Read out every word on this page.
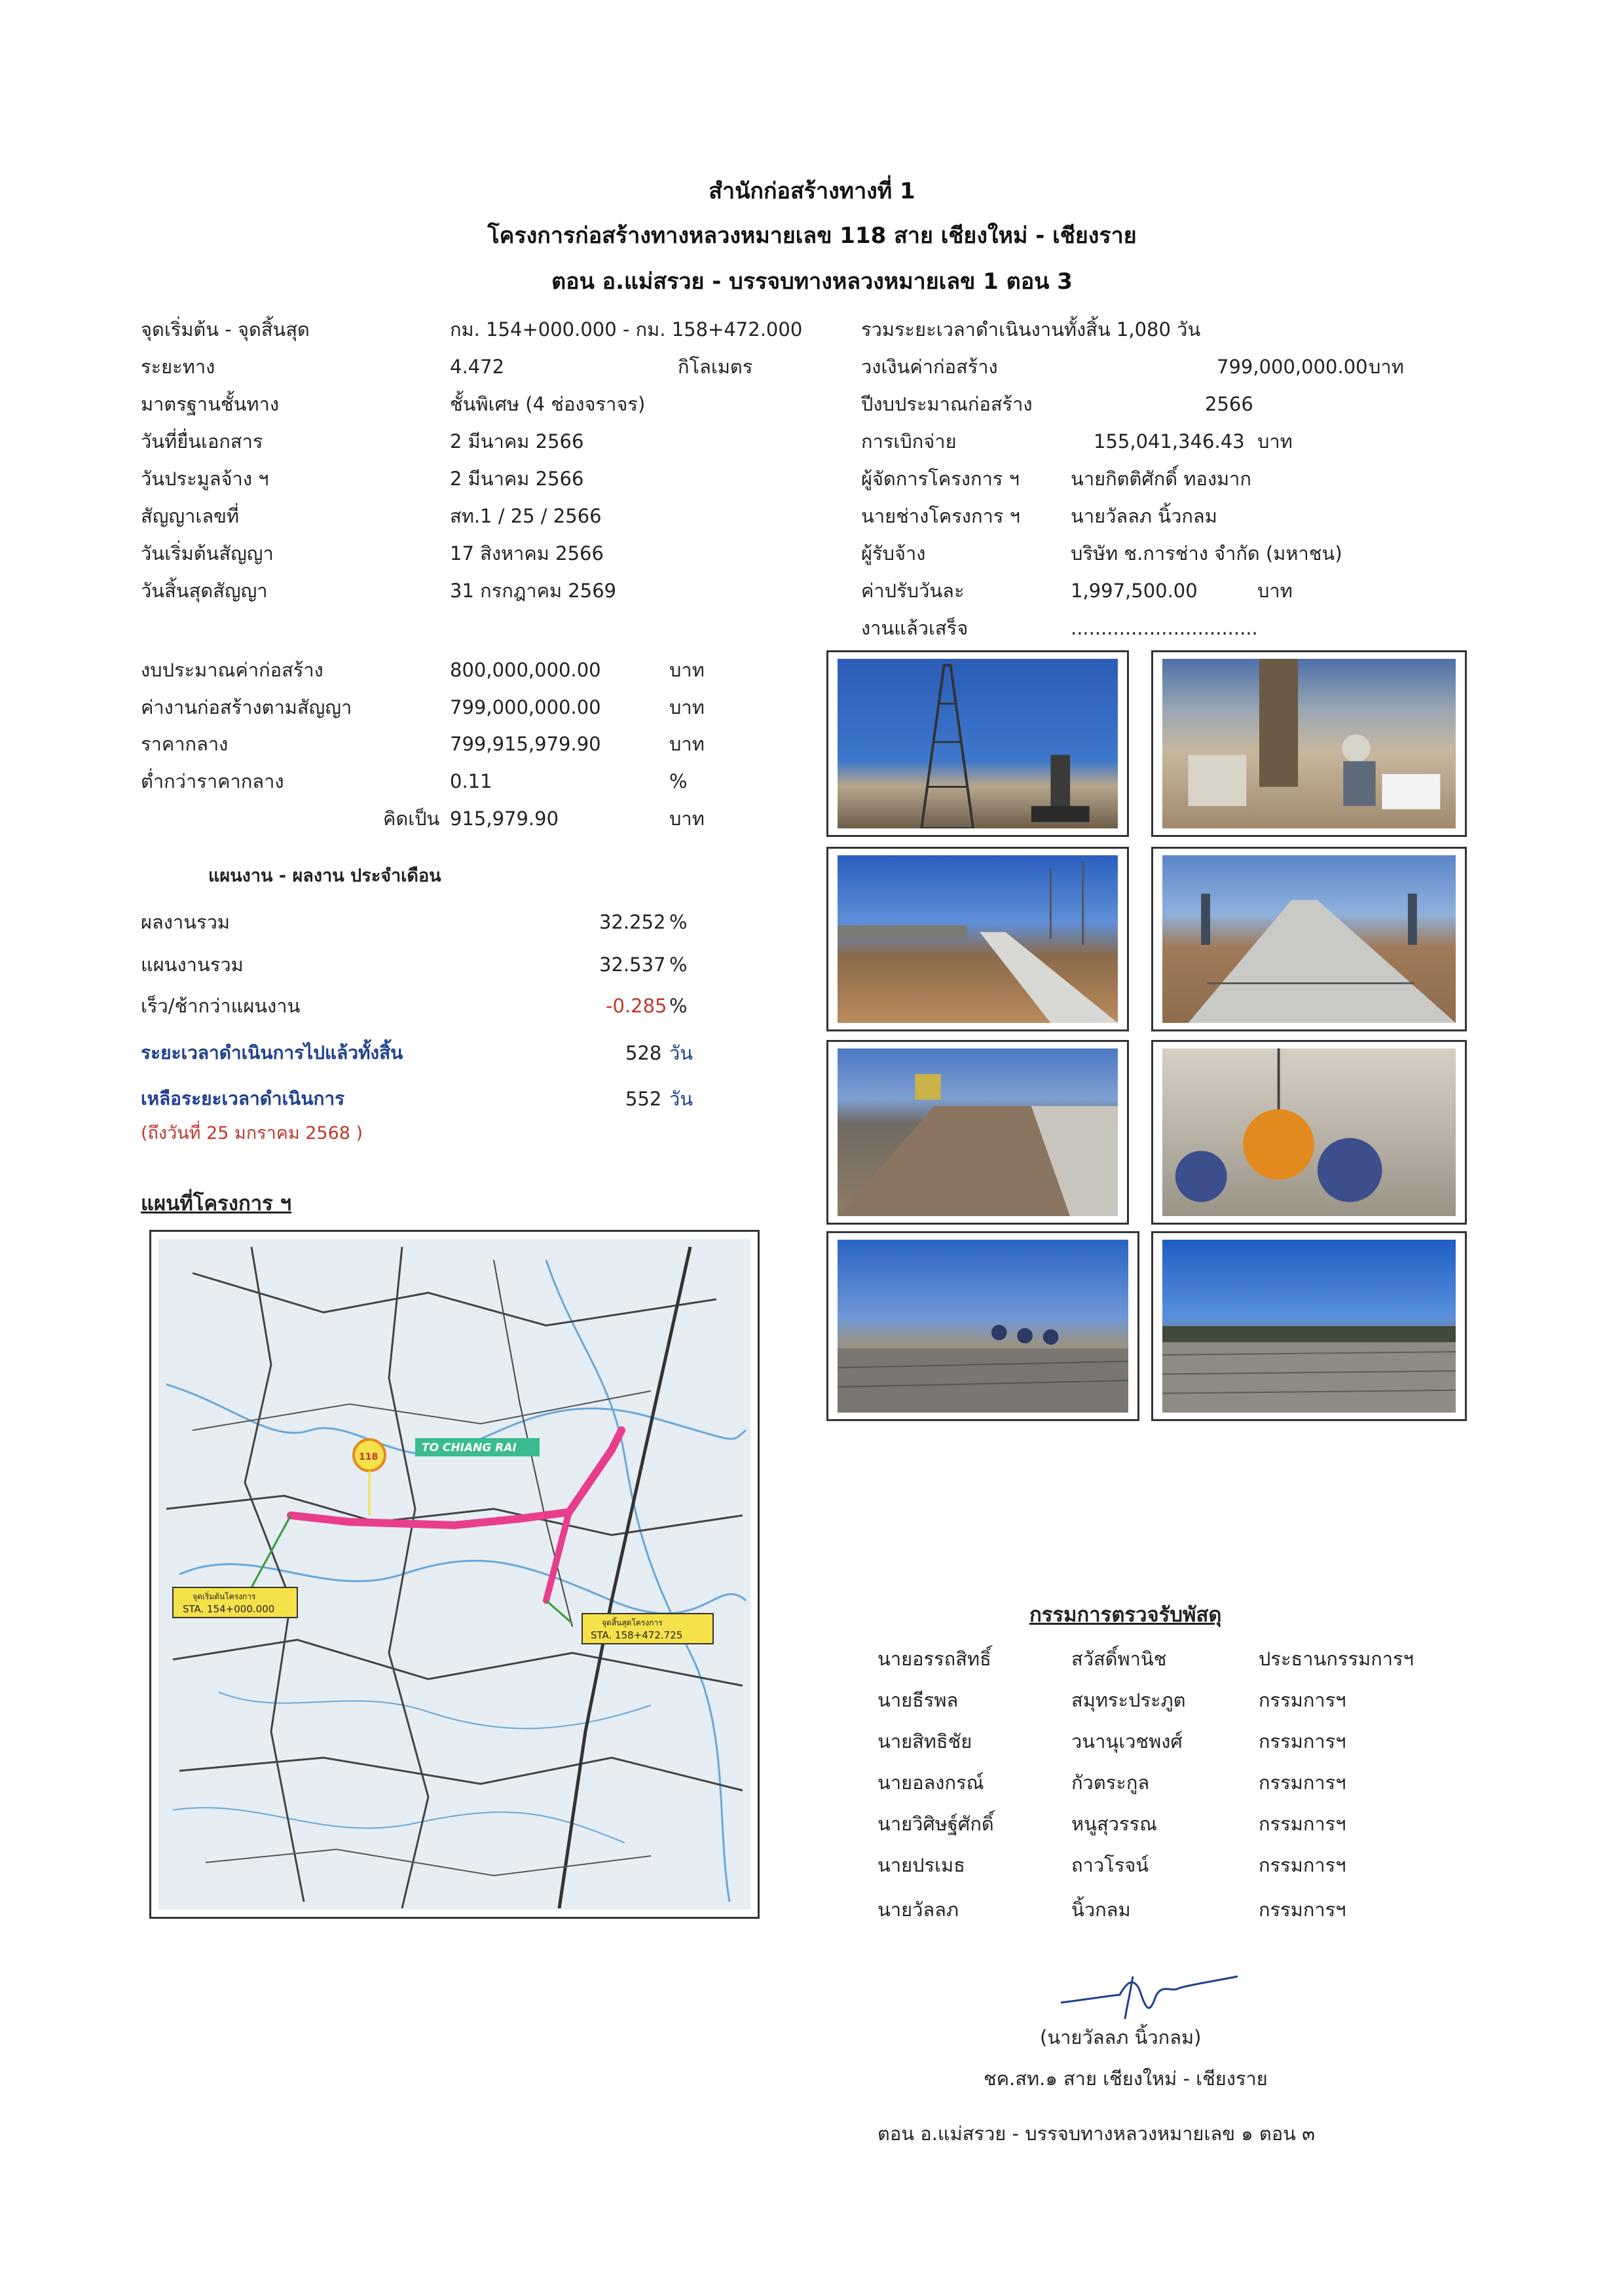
สำนักก่อสร้างทางที่ 1
โครงการก่อสร้างทางหลวงหมายเลข 118 สาย เชียงใหม่ - เชียงราย
ตอน อ.แม่สรวย - บรรจบทางหลวงหมายเลข 1 ตอน 3
จุดเริ่มต้น - จุดสิ้นสุด	กม. 154+000.000 - กม. 158+472.000
ระยะทาง	4.472	กิโลเมตร
มาตรฐานชั้นทาง	ชั้นพิเศษ (4 ช่องจราจร)
วันที่ยื่นเอกสาร	2 มีนาคม 2566
วันประมูลจ้าง ฯ	2 มีนาคม 2566
สัญญาเลขที่	สท.1 / 25 / 2566
วันเริ่มต้นสัญญา	17 สิงหาคม 2566
วันสิ้นสุดสัญญา	31 กรกฎาคม 2569
รวมระยะเวลาดำเนินงานทั้งสิ้น 1,080 วัน
วงเงินค่าก่อสร้าง	799,000,000.00 บาท
ปีงบประมาณก่อสร้าง	2566
การเบิกจ่าย	155,041,346.43 บาท
ผู้จัดการโครงการ ฯ	นายกิตติศักดิ์ ทองมาก
นายช่างโครงการ ฯ	นายวัลลภ นิ้วกลม
ผู้รับจ้าง	บริษัท ช.การช่าง จำกัด (มหาชน)
ค่าปรับวันละ	1,997,500.00	บาท
งานแล้วเสร็จ	...............................
งบประมาณค่าก่อสร้าง	800,000,000.00	บาท
ค่างานก่อสร้างตามสัญญา	799,000,000.00	บาท
ราคากลาง	799,915,979.90	บาท
ต่ำกว่าราคากลาง	0.11	%
คิดเป็น 915,979.90	บาท
แผนงาน - ผลงาน ประจำเดือน
ผลงานรวม	32.252 %
แผนงานรวม	32.537 %
เร็ว/ช้ากว่าแผนงาน	-0.285 %
ระยะเวลาดำเนินการไปแล้วทั้งสิ้น	528 วัน
เหลือระยะเวลาดำเนินการ	552 วัน
(ถึงวันที่ 25 มกราคม 2568 )
แผนที่โครงการ ฯ
จุดเริ่มต้นโครงการ
STA. 154+000.000
จุดสิ้นสุดโครงการ
STA. 158+472.725
TO CHIANG RAI
118
กรรมการตรวจรับพัสดุ
นายอรรถสิทธิ์	สวัสดิ์พานิช	ประธานกรรมการฯ
นายธีรพล	สมุทระประภูต	กรรมการฯ
นายสิทธิชัย	วนานุเวชพงศ์	กรรมการฯ
นายอลงกรณ์	กัวตระกูล	กรรมการฯ
นายวิศิษฐ์ศักดิ์	หนูสุวรรณ	กรรมการฯ
นายปรเมธ	ถาวโรจน์	กรรมการฯ
นายวัลลภ	นิ้วกลม	กรรมการฯ
(นายวัลลภ นิ้วกลม)
ชค.สท.๑ สาย เชียงใหม่ - เชียงราย
ตอน อ.แม่สรวย - บรรจบทางหลวงหมายเลข ๑ ตอน ๓
